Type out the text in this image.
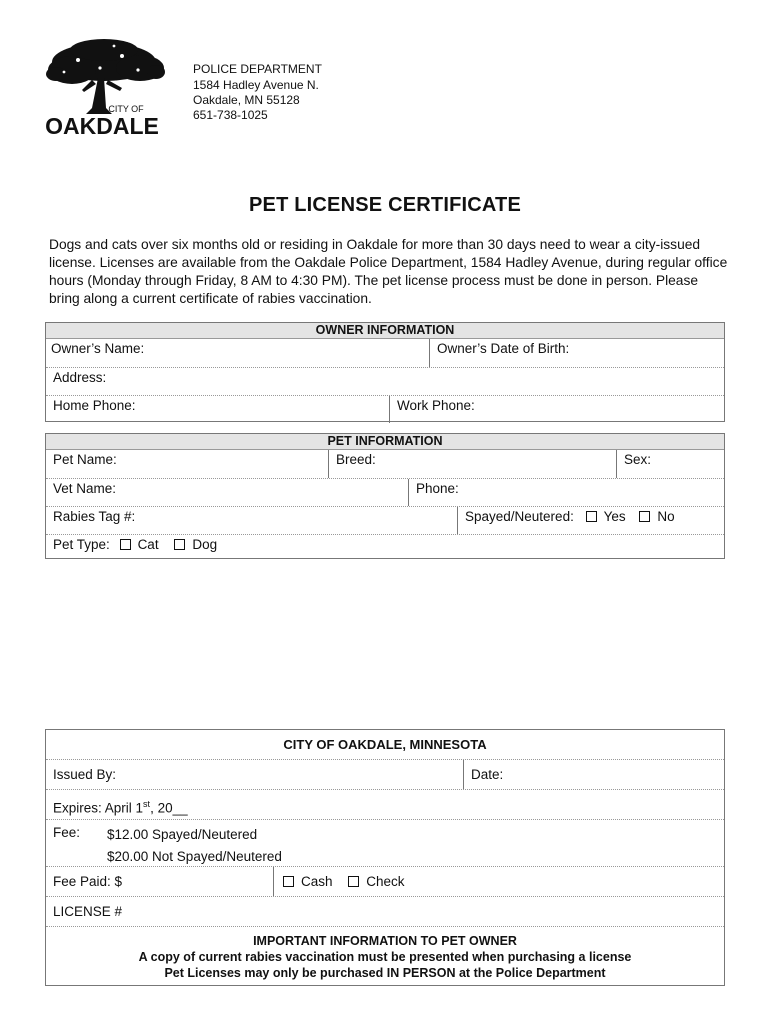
CITY OF
OAKDALE
POLICE DEPARTMENT
1584 Hadley Avenue N.
Oakdale, MN 55128
651-738-1025
PET LICENSE CERTIFICATE
Dogs and cats over six months old or residing in Oakdale for more than 30 days need to wear a city-issued license. Licenses are available from the Oakdale Police Department, 1584 Hadley Avenue, during regular office hours (Monday through Friday, 8 AM to 4:30 PM). The pet license process must be done in person. Please bring along a current certificate of rabies vaccination.
OWNER INFORMATION
Owner’s Name:	Owner’s Date of Birth:
Address:
Home Phone:	Work Phone:
PET INFORMATION
Pet Name:	Breed:	Sex:
Vet Name:	Phone:
Rabies Tag #:	Spayed/Neutered: Yes No
Pet Type: Cat	Dog
CITY OF OAKDALE, MINNESOTA
Issued By:	Date:
Expires: April 1st, 20__
Fee:	$12.00 Spayed/Neutered
$20.00 Not Spayed/Neutered
Fee Paid: $	Cash	Check
LICENSE #
IMPORTANT INFORMATION TO PET OWNER
A copy of current rabies vaccination must be presented when purchasing a license
Pet Licenses may only be purchased IN PERSON at the Police Department
